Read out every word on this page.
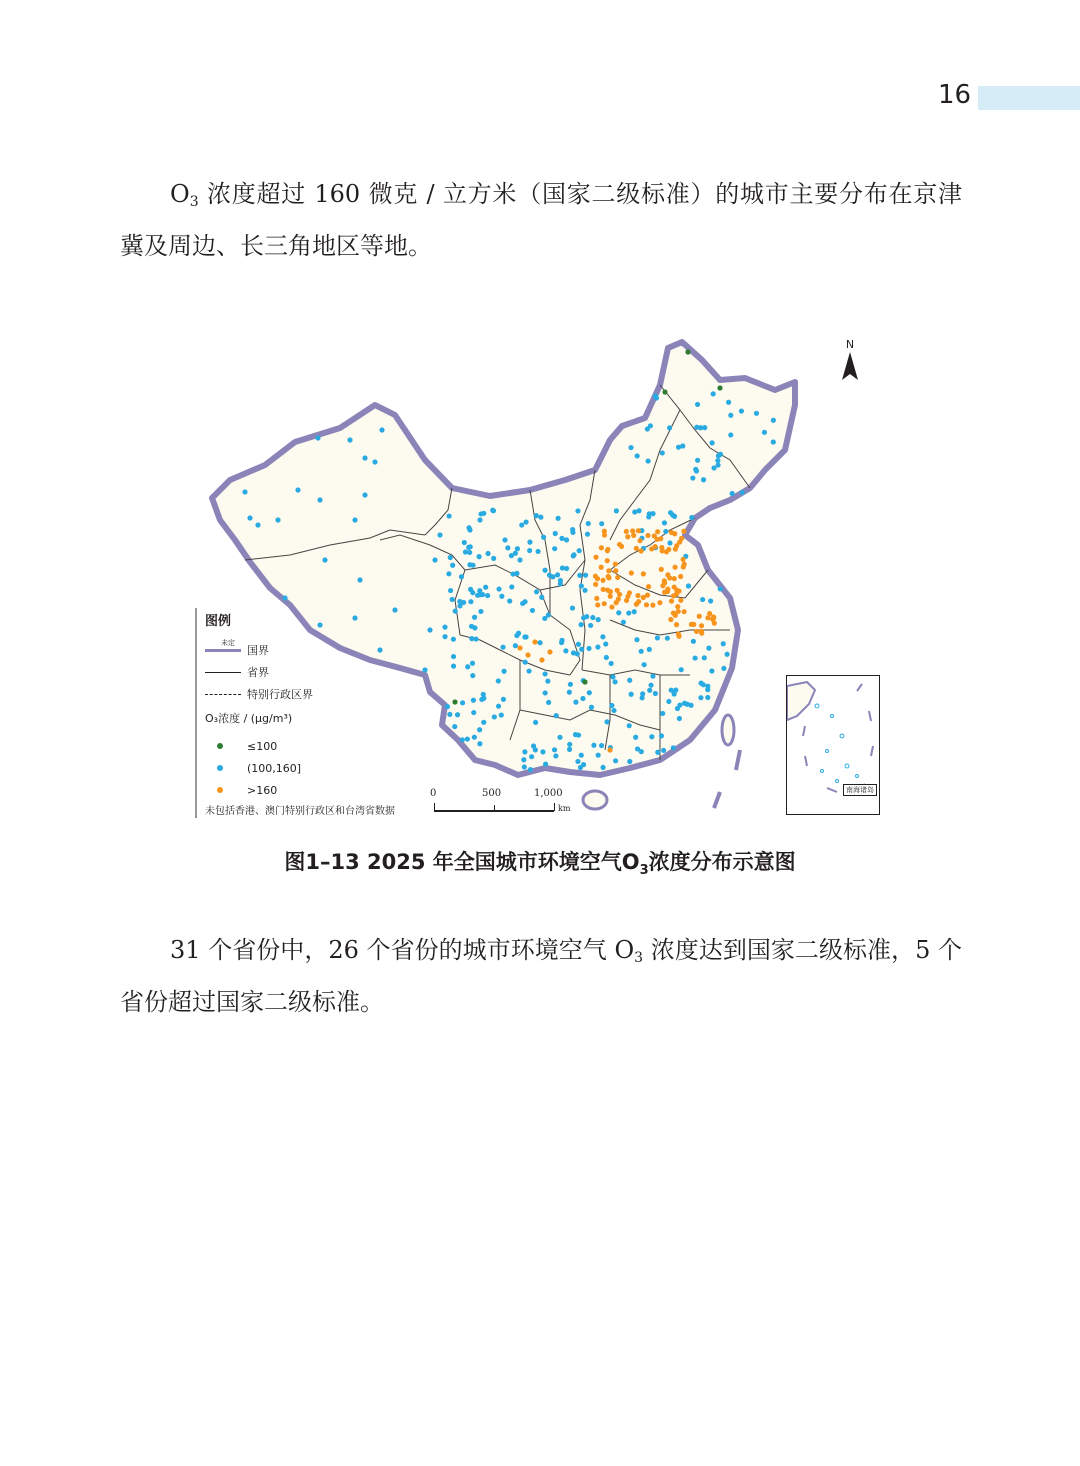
16

$O_3$ 浓度超过 160 微克 / 立方米（国家二级标准）的城市主要分布在京津冀及周边、长三角地区等地。

N
图例
未定
国界
省界
特别行政区界
O₃浓度 / (μg/m³)
≤100
(100,160]
>160
未包括香港、澳门特别行政区和台湾省数据
0	500	1,000
km
南海诸岛
图1–13 2025 年全国城市环境空气$O_3$浓度分布示意图

31 个省份中，26 个省份的城市环境空气 $O_3$ 浓度达到国家二级标准，5 个省份超过国家二级标准。
